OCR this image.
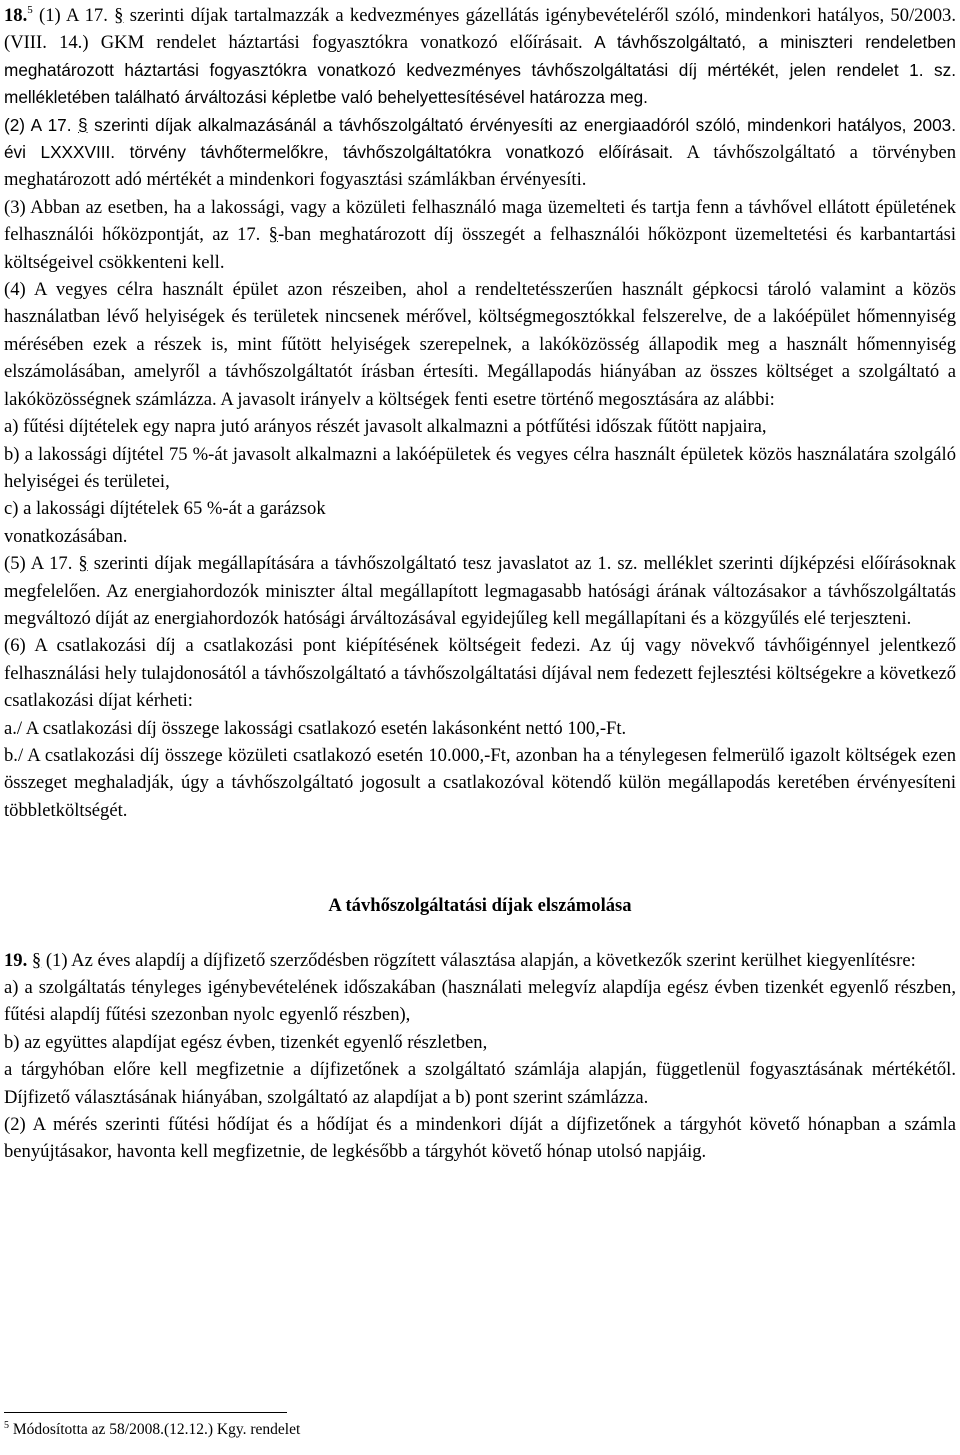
18.$^5$ (1) A 17. § szerinti díjak tartalmazzák a kedvezményes gázellátás igénybevételéről szóló, mindenkori hatályos, 50/2003. (VIII. 14.) GKM rendelet háztartási fogyasztókra vonatkozó előírásait. A távhőszolgáltató, a miniszteri rendeletben meghatározott háztartási fogyasztókra vonatkozó kedvezményes távhőszolgáltatási díj mértékét, jelen rendelet 1. sz. mellékletében található árváltozási képletbe való behelyettesítésével határozza meg.

(2) A 17. § szerinti díjak alkalmazásánál a távhőszolgáltató érvényesíti az energiaadóról szóló, mindenkori hatályos, 2003. évi LXXXVIII. törvény távhőtermelőkre, távhőszolgáltatókra vonatkozó előírásait. A távhőszolgáltató a törvényben meghatározott adó mértékét a mindenkori fogyasztási számlákban érvényesíti.

(3) Abban az esetben, ha a lakossági, vagy a közületi felhasználó maga üzemelteti és tartja fenn a távhővel ellátott épületének felhasználói hőközpontját, az 17. §-ban meghatározott díj összegét a felhasználói hőközpont üzemeltetési és karbantartási költségeivel csökkenteni kell.

(4) A vegyes célra használt épület azon részeiben, ahol a rendeltetésszerűen használt gépkocsi tároló valamint a közös használatban lévő helyiségek és területek nincsenek mérővel, költségmegosztókkal felszerelve, de a lakóépület hőmennyiség mérésében ezek a részek is, mint fűtött helyiségek szerepelnek, a lakóközösség állapodik meg a használt hőmennyiség elszámolásában, amelyről a távhőszolgáltatót írásban értesíti. Megállapodás hiányában az összes költséget a szolgáltató a lakóközösségnek számlázza. A javasolt irányelv a költségek fenti esetre történő megosztására az alábbi:

a) fűtési díjtételek egy napra jutó arányos részét javasolt alkalmazni a pótfűtési időszak fűtött napjaira,

b) a lakossági díjtétel 75 %-át javasolt alkalmazni a lakóépületek és vegyes célra használt épületek közös használatára szolgáló helyiségei és területei,

c) a lakossági díjtételek 65 %-át a garázsok

vonatkozásában.

(5) A 17. § szerinti díjak megállapítására a távhőszolgáltató tesz javaslatot az 1. sz. melléklet szerinti díjképzési előírásoknak megfelelően. Az energiahordozók miniszter által megállapított legmagasabb hatósági árának változásakor a távhőszolgáltatás megváltozó díját az energiahordozók hatósági árváltozásával egyidejűleg kell megállapítani és a közgyűlés elé terjeszteni.

(6) A csatlakozási díj a csatlakozási pont kiépítésének költségeit fedezi. Az új vagy növekvő távhőigénnyel jelentkező felhasználási hely tulajdonosától a távhőszolgáltató a távhőszolgáltatási díjával nem fedezett fejlesztési költségekre a következő csatlakozási díjat kérheti:

a./ A csatlakozási díj összege lakossági csatlakozó esetén lakásonként nettó 100,-Ft.

b./ A csatlakozási díj összege közületi csatlakozó esetén 10.000,-Ft, azonban ha a ténylegesen felmerülő igazolt költségek ezen összeget meghaladják, úgy a távhőszolgáltató jogosult a csatlakozóval kötendő külön megállapodás keretében érvényesíteni többletköltségét.

A távhőszolgáltatási díjak elszámolása

19. § (1) Az éves alapdíj a díjfizető szerződésben rögzített választása alapján, a következők szerint kerülhet kiegyenlítésre:

a) a szolgáltatás tényleges igénybevételének időszakában (használati melegvíz alapdíja egész évben tizenkét egyenlő részben, fűtési alapdíj fűtési szezonban nyolc egyenlő részben),

b) az együttes alapdíjat egész évben, tizenkét egyenlő részletben,

a tárgyhóban előre kell megfizetnie a díjfizetőnek a szolgáltató számlája alapján, függetlenül fogyasztásának mértékétől. Díjfizető választásának hiányában, szolgáltató az alapdíjat a b) pont szerint számlázza.

(2) A mérés szerinti fűtési hődíjat és a hődíjat és a mindenkori díját a díjfizetőnek a tárgyhót követő hónapban a számla benyújtásakor, havonta kell megfizetnie, de legkésőbb a tárgyhót követő hónap utolsó napjáig.

$^5$ Módosította az 58/2008.(12.12.) Kgy. rendelet
